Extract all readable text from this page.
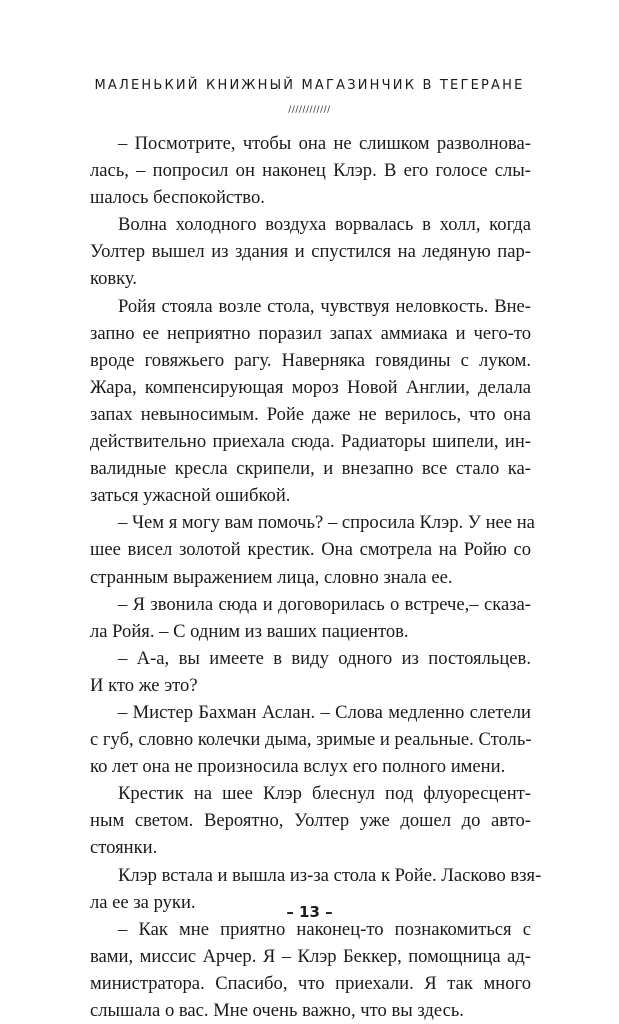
МАЛЕНЬКИЙ КНИЖНЫЙ МАГАЗИНЧИК В ТЕГЕРАНЕ
////////////
– Посмотрите, чтобы она не слишком разволнова-
лась, – попросил он наконец Клэр. В его голосе слы-
шалось беспокойство.
Волна холодного воздуха ворвалась в холл, когда
Уолтер вышел из здания и спустился на ледяную пар-
ковку.
Ройя стояла возле стола, чувствуя неловкость. Вне-
запно ее неприятно поразил запах аммиака и чего-то
вроде говяжьего рагу. Наверняка говядины с луком.
Жара, компенсирующая мороз Новой Англии, делала
запах невыносимым. Ройе даже не верилось, что она
действительно приехала сюда. Радиаторы шипели, ин-
валидные кресла скрипели, и внезапно все стало ка-
заться ужасной ошибкой.
– Чем я могу вам помочь? – спросила Клэр. У нее на
шее висел золотой крестик. Она смотрела на Ройю со
странным выражением лица, словно знала ее.
– Я звонила сюда и договорилась о встрече,– сказа-
ла Ройя. – С одним из ваших пациентов.
– А-а, вы имеете в виду одного из постояльцев.
И кто же это?
– Мистер Бахман Аслан. – Слова медленно слетели
с губ, словно колечки дыма, зримые и реальные. Столь-
ко лет она не произносила вслух его полного имени.
Крестик на шее Клэр блеснул под флуоресцент-
ным светом. Вероятно, Уолтер уже дошел до авто-
стоянки.
Клэр встала и вышла из-за стола к Ройе. Ласково взя-
ла ее за руки.
– Как мне приятно наконец-то познакомиться с
вами, миссис Арчер. Я – Клэр Беккер, помощница ад-
министратора. Спасибо, что приехали. Я так много
слышала о вас. Мне очень важно, что вы здесь.
– 13 –
